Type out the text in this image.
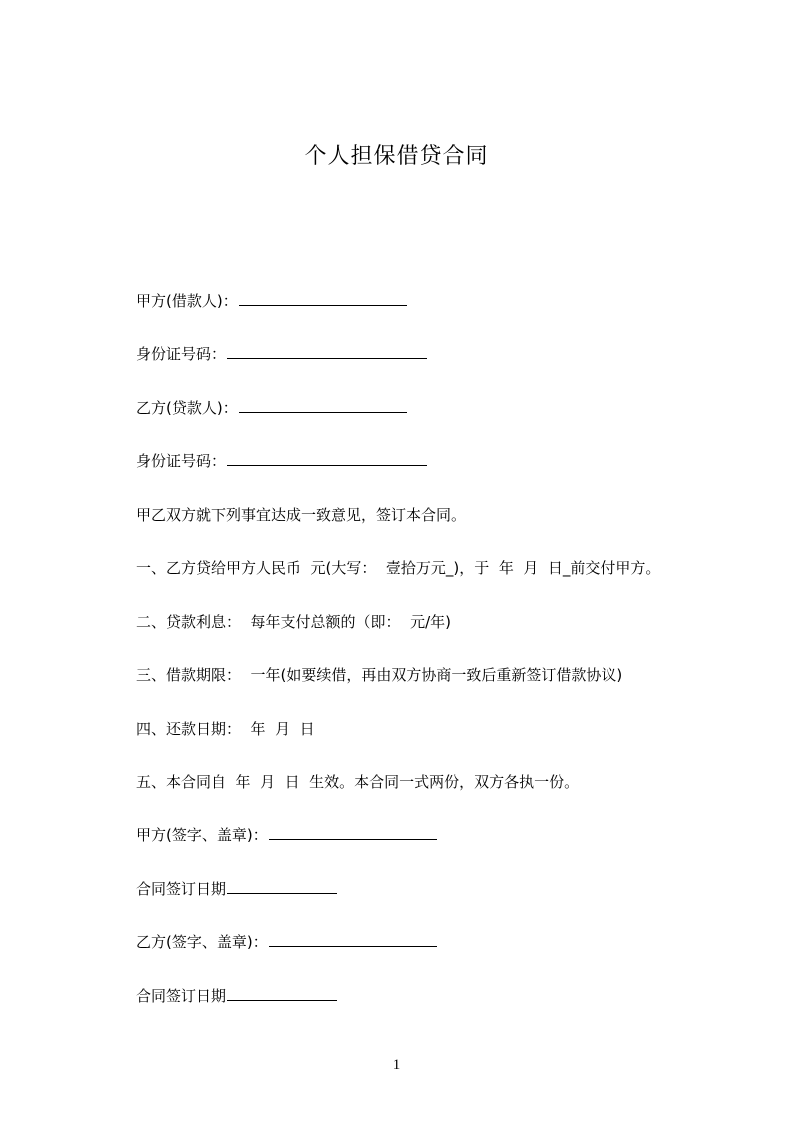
个人担保借贷合同
甲方(借款人)：
身份证号码：
乙方(贷款人)：
身份证号码：
甲乙双方就下列事宜达成一致意见，签订本合同。
一、乙方贷给甲方人民币  元(大写：  壹拾万元_)，于  年  月  日_前交付甲方。
二、贷款利息：  每年支付总额的（即：  元/年)
三、借款期限：  一年(如要续借，再由双方协商一致后重新签订借款协议)
四、还款日期：  年  月  日
五、本合同自  年  月  日  生效。本合同一式两份，双方各执一份。
甲方(签字、盖章)：
合同签订日期
乙方(签字、盖章)：
合同签订日期
1
